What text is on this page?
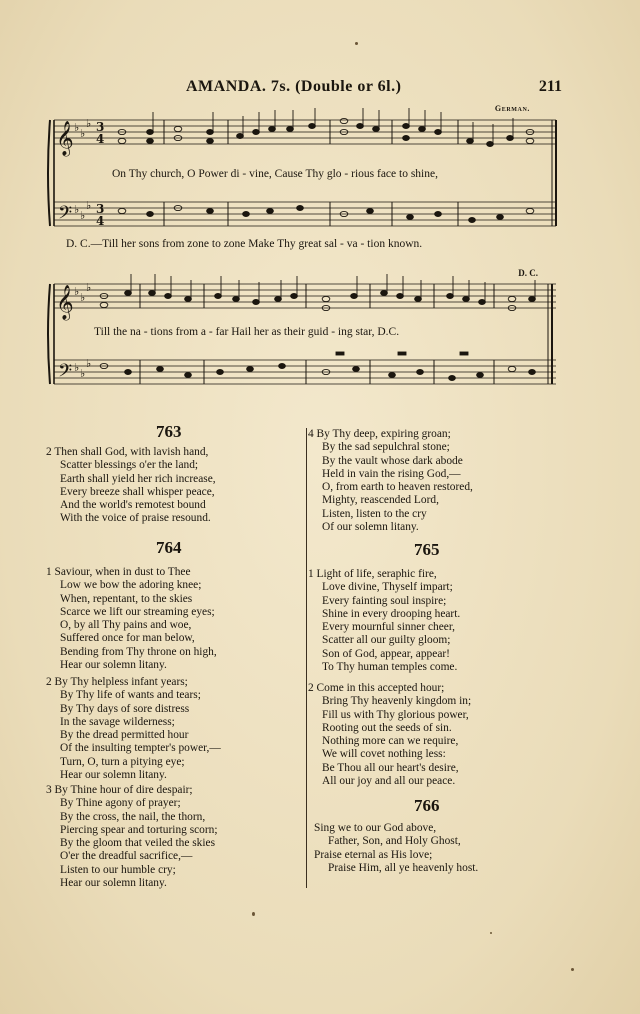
AMANDA. 7s. (Double or 6l.)	211
German.
𝄞
𝄢
𝄞
𝄢
♭ ♭
♭
♭ ♭
♭
♭ ♭
♭
♭ ♭
♭
3
4
3
4
On Thy church, O Power di - vine, Cause Thy glo - rious face to shine,
D. C.—Till her sons from zone to zone Make Thy great sal - va - tion known.
D. C.
Till the na - tions from a - far Hail her as their guid - ing star, D.C.
763
2 Then shall God, with lavish hand,
Scatter blessings o'er the land;
Earth shall yield her rich increase,
Every breeze shall whisper peace,
And the world's remotest bound
With the voice of praise resound.
764
1 Saviour, when in dust to Thee
Low we bow the adoring knee;
When, repentant, to the skies
Scarce we lift our streaming eyes;
O, by all Thy pains and woe,
Suffered once for man below,
Bending from Thy throne on high,
Hear our solemn litany.
2 By Thy helpless infant years;
By Thy life of wants and tears;
By Thy days of sore distress
In the savage wilderness;
By the dread permitted hour
Of the insulting tempter's power,—
Turn, O, turn a pitying eye;
Hear our solemn litany.
3 By Thine hour of dire despair;
By Thine agony of prayer;
By the cross, the nail, the thorn,
Piercing spear and torturing scorn;
By the gloom that veiled the skies
O'er the dreadful sacrifice,—
Listen to our humble cry;
Hear our solemn litany.
4 By Thy deep, expiring groan;
By the sad sepulchral stone;
By the vault whose dark abode
Held in vain the rising God,—
O, from earth to heaven restored,
Mighty, reascended Lord,
Listen, listen to the cry
Of our solemn litany.
765
1 Light of life, seraphic fire,
Love divine, Thyself impart;
Every fainting soul inspire;
Shine in every drooping heart.
Every mournful sinner cheer,
Scatter all our guilty gloom;
Son of God, appear, appear!
To Thy human temples come.
2 Come in this accepted hour;
Bring Thy heavenly kingdom in;
Fill us with Thy glorious power,
Rooting out the seeds of sin.
Nothing more can we require,
We will covet nothing less:
Be Thou all our heart's desire,
All our joy and all our peace.
766
Sing we to our God above,
Father, Son, and Holy Ghost,
Praise eternal as His love;
Praise Him, all ye heavenly host.
